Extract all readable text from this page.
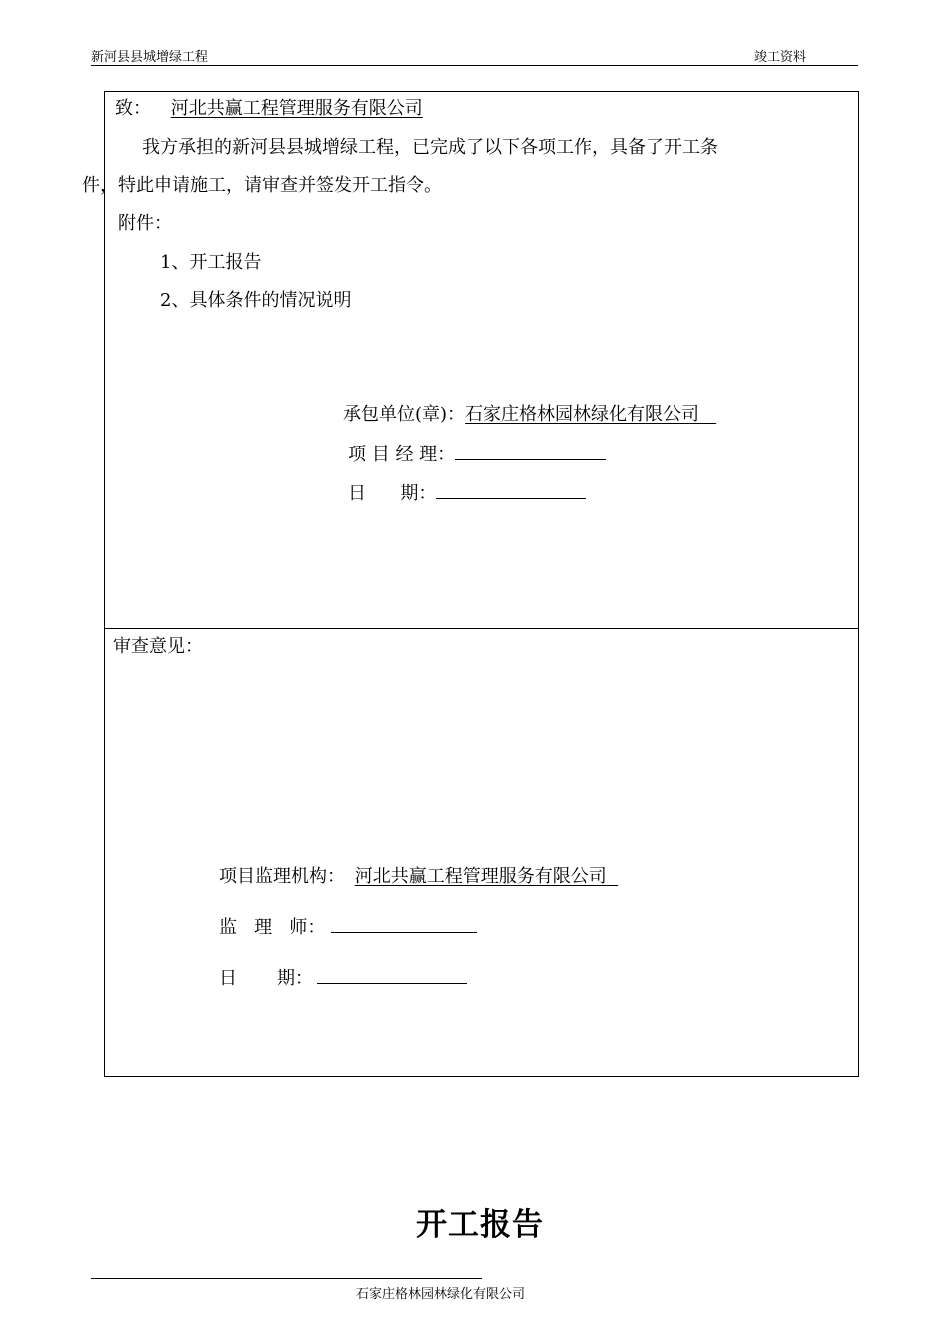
新河县县城增绿工程	竣工资料
致： 河北共赢工程管理服务有限公司
我方承担的新河县县城增绿工程，已完成了以下各项工作，具备了开工条
件，特此申请施工，请审查并签发开工指令。
附件：
1、开工报告
2、具体条件的情况说明
承包单位(章)：石家庄格林园林绿化有限公司
项 目 经 理：
日      期：
审查意见：
项目监理机构： 河北共赢工程管理服务有限公司
监   理   师：
日       期：
开工报告
石家庄格林园林绿化有限公司
